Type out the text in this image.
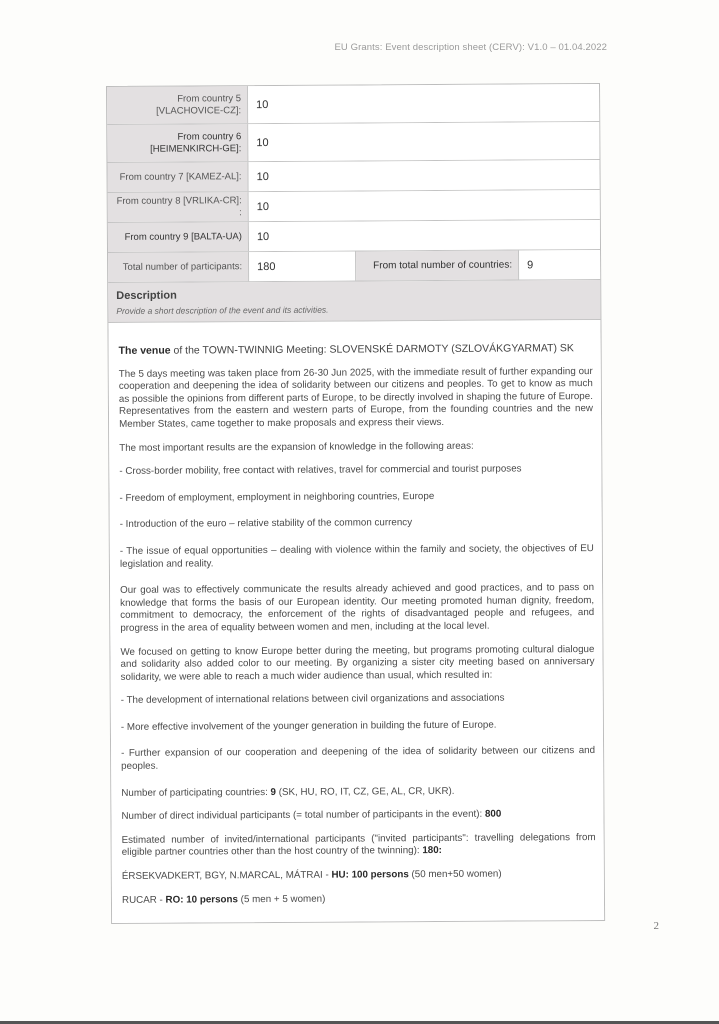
EU Grants: Event description sheet (CERV): V1.0 – 01.04.2022
From country 5
[VLACHOVICE-CZ]:	10
From country 6
[HEIMENKIRCH-GE]:	10
From country 7 [KAMEZ-AL]:	10
From country 8 [VRLIKA-CR]: :	10
From country 9 [BALTA-UA)	10
Total number of participants:	180	From total number of countries:	9
Description
Provide a short description of the event and its activities.

The venue of the TOWN-TWINNIG Meeting: SLOVENSKÉ DARMOTY (SZLOVÁKGYARMAT) SK

The 5 days meeting was taken place from 26-30 Jun 2025, with the immediate result of further expanding our cooperation and deepening the idea of solidarity between our citizens and peoples. To get to know as much as possible the opinions from different parts of Europe, to be directly involved in shaping the future of Europe. Representatives from the eastern and western parts of Europe, from the founding countries and the new Member States, came together to make proposals and express their views.

The most important results are the expansion of knowledge in the following areas:

- Cross-border mobility, free contact with relatives, travel for commercial and tourist purposes

- Freedom of employment, employment in neighboring countries, Europe

- Introduction of the euro – relative stability of the common currency

- The issue of equal opportunities – dealing with violence within the family and society, the objectives of EU legislation and reality.

Our goal was to effectively communicate the results already achieved and good practices, and to pass on knowledge that forms the basis of our European identity. Our meeting promoted human dignity, freedom, commitment to democracy, the enforcement of the rights of disadvantaged people and refugees, and progress in the area of equality between women and men, including at the local level.

We focused on getting to know Europe better during the meeting, but programs promoting cultural dialogue and solidarity also added color to our meeting. By organizing a sister city meeting based on anniversary solidarity, we were able to reach a much wider audience than usual, which resulted in:

- The development of international relations between civil organizations and associations

- More effective involvement of the younger generation in building the future of Europe.

- Further expansion of our cooperation and deepening of the idea of solidarity between our citizens and peoples.

Number of participating countries: 9 (SK, HU, RO, IT, CZ, GE, AL, CR, UKR).

Number of direct individual participants (= total number of participants in the event): 800

Estimated number of invited/international participants ("invited participants": travelling delegations from eligible partner countries other than the host country of the twinning): 180:

ÉRSEKVADKERT, BGY, N.MARCAL, MÁTRAI - HU: 100 persons (50 men+50 women)

RUCAR - RO: 10 persons (5 men + 5 women)

2
